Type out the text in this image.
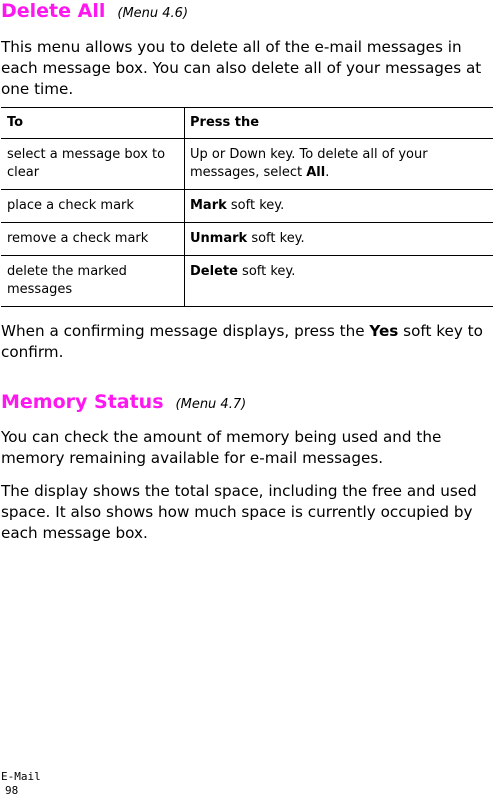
Delete All (Menu 4.6)

This menu allows you to delete all of the e-mail messages in each message box. You can also delete all of your messages at one time.

To	Press the
select a message box to clear	Up or Down key. To delete all of your messages, select All.
place a check mark	Mark soft key.
remove a check mark	Unmark soft key.
delete the marked messages	Delete soft key.

When a confirming message displays, press the Yes soft key to confirm.

Memory Status (Menu 4.7)

You can check the amount of memory being used and the memory remaining available for e-mail messages.

The display shows the total space, including the free and used space. It also shows how much space is currently occupied by each message box.

E-Mail
98
